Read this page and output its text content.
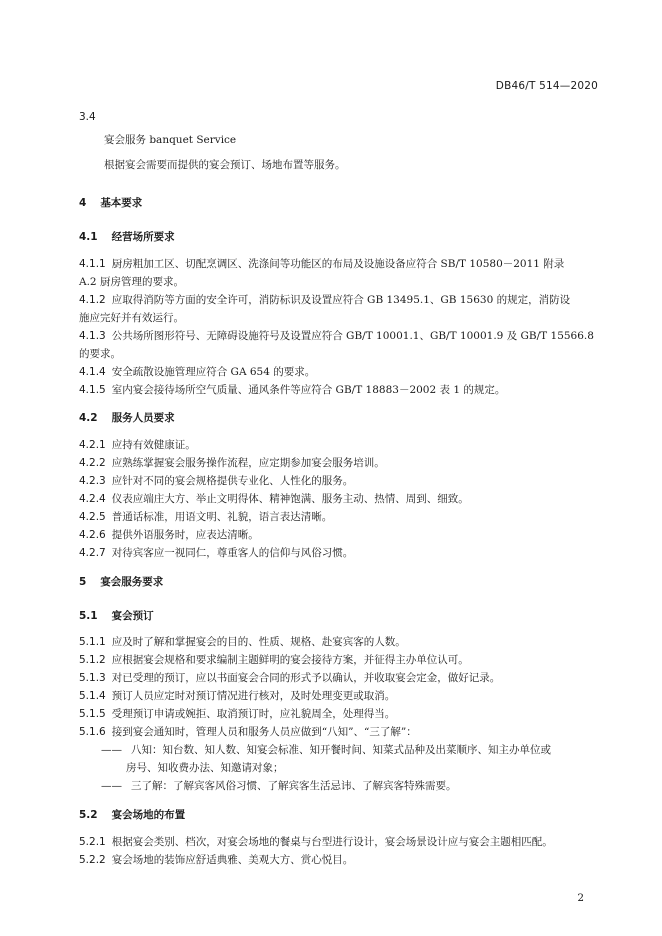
DB46/T 514—2020
3.4
宴会服务 banquet Service
根据宴会需要而提供的宴会预订、场地布置等服务。
4 基本要求
4.1 经营场所要求
4.1.1 厨房粗加工区、切配烹调区、洗涤间等功能区的布局及设施设备应符合 SB/T 10580－2011 附录
A.2 厨房管理的要求。
4.1.2 应取得消防等方面的安全许可，消防标识及设置应符合 GB 13495.1、GB 15630 的规定，消防设
施应完好并有效运行。
4.1.3 公共场所图形符号、无障碍设施符号及设置应符合 GB/T 10001.1、GB/T 10001.9 及 GB/T 15566.8
的要求。
4.1.4 安全疏散设施管理应符合 GA 654 的要求。
4.1.5 室内宴会接待场所空气质量、通风条件等应符合 GB/T 18883－2002 表 1 的规定。
4.2 服务人员要求
4.2.1 应持有效健康证。
4.2.2 应熟练掌握宴会服务操作流程，应定期参加宴会服务培训。
4.2.3 应针对不同的宴会规格提供专业化、人性化的服务。
4.2.4 仪表应端庄大方、举止文明得体、精神饱满、服务主动、热情、周到、细致。
4.2.5 普通话标准，用语文明、礼貌，语言表达清晰。
4.2.6 提供外语服务时，应表达清晰。
4.2.7 对待宾客应一视同仁，尊重客人的信仰与风俗习惯。
5 宴会服务要求
5.1 宴会预订
5.1.1 应及时了解和掌握宴会的目的、性质、规格、赴宴宾客的人数。
5.1.2 应根据宴会规格和要求编制主题鲜明的宴会接待方案，并征得主办单位认可。
5.1.3 对已受理的预订，应以书面宴会合同的形式予以确认，并收取宴会定金，做好记录。
5.1.4 预订人员应定时对预订情况进行核对，及时处理变更或取消。
5.1.5 受理预订申请或婉拒、取消预订时，应礼貌周全，处理得当。
5.1.6 接到宴会通知时，管理人员和服务人员应做到“八知”、“三了解”：
—— 八知：知台数、知人数、知宴会标准、知开餐时间、知菜式品种及出菜顺序、知主办单位或
房号、知收费办法、知邀请对象；
—— 三了解：了解宾客风俗习惯、了解宾客生活忌讳、了解宾客特殊需要。
5.2 宴会场地的布置
5.2.1 根据宴会类别、档次，对宴会场地的餐桌与台型进行设计，宴会场景设计应与宴会主题相匹配。
5.2.2 宴会场地的装饰应舒适典雅、美观大方、赏心悦目。
2
